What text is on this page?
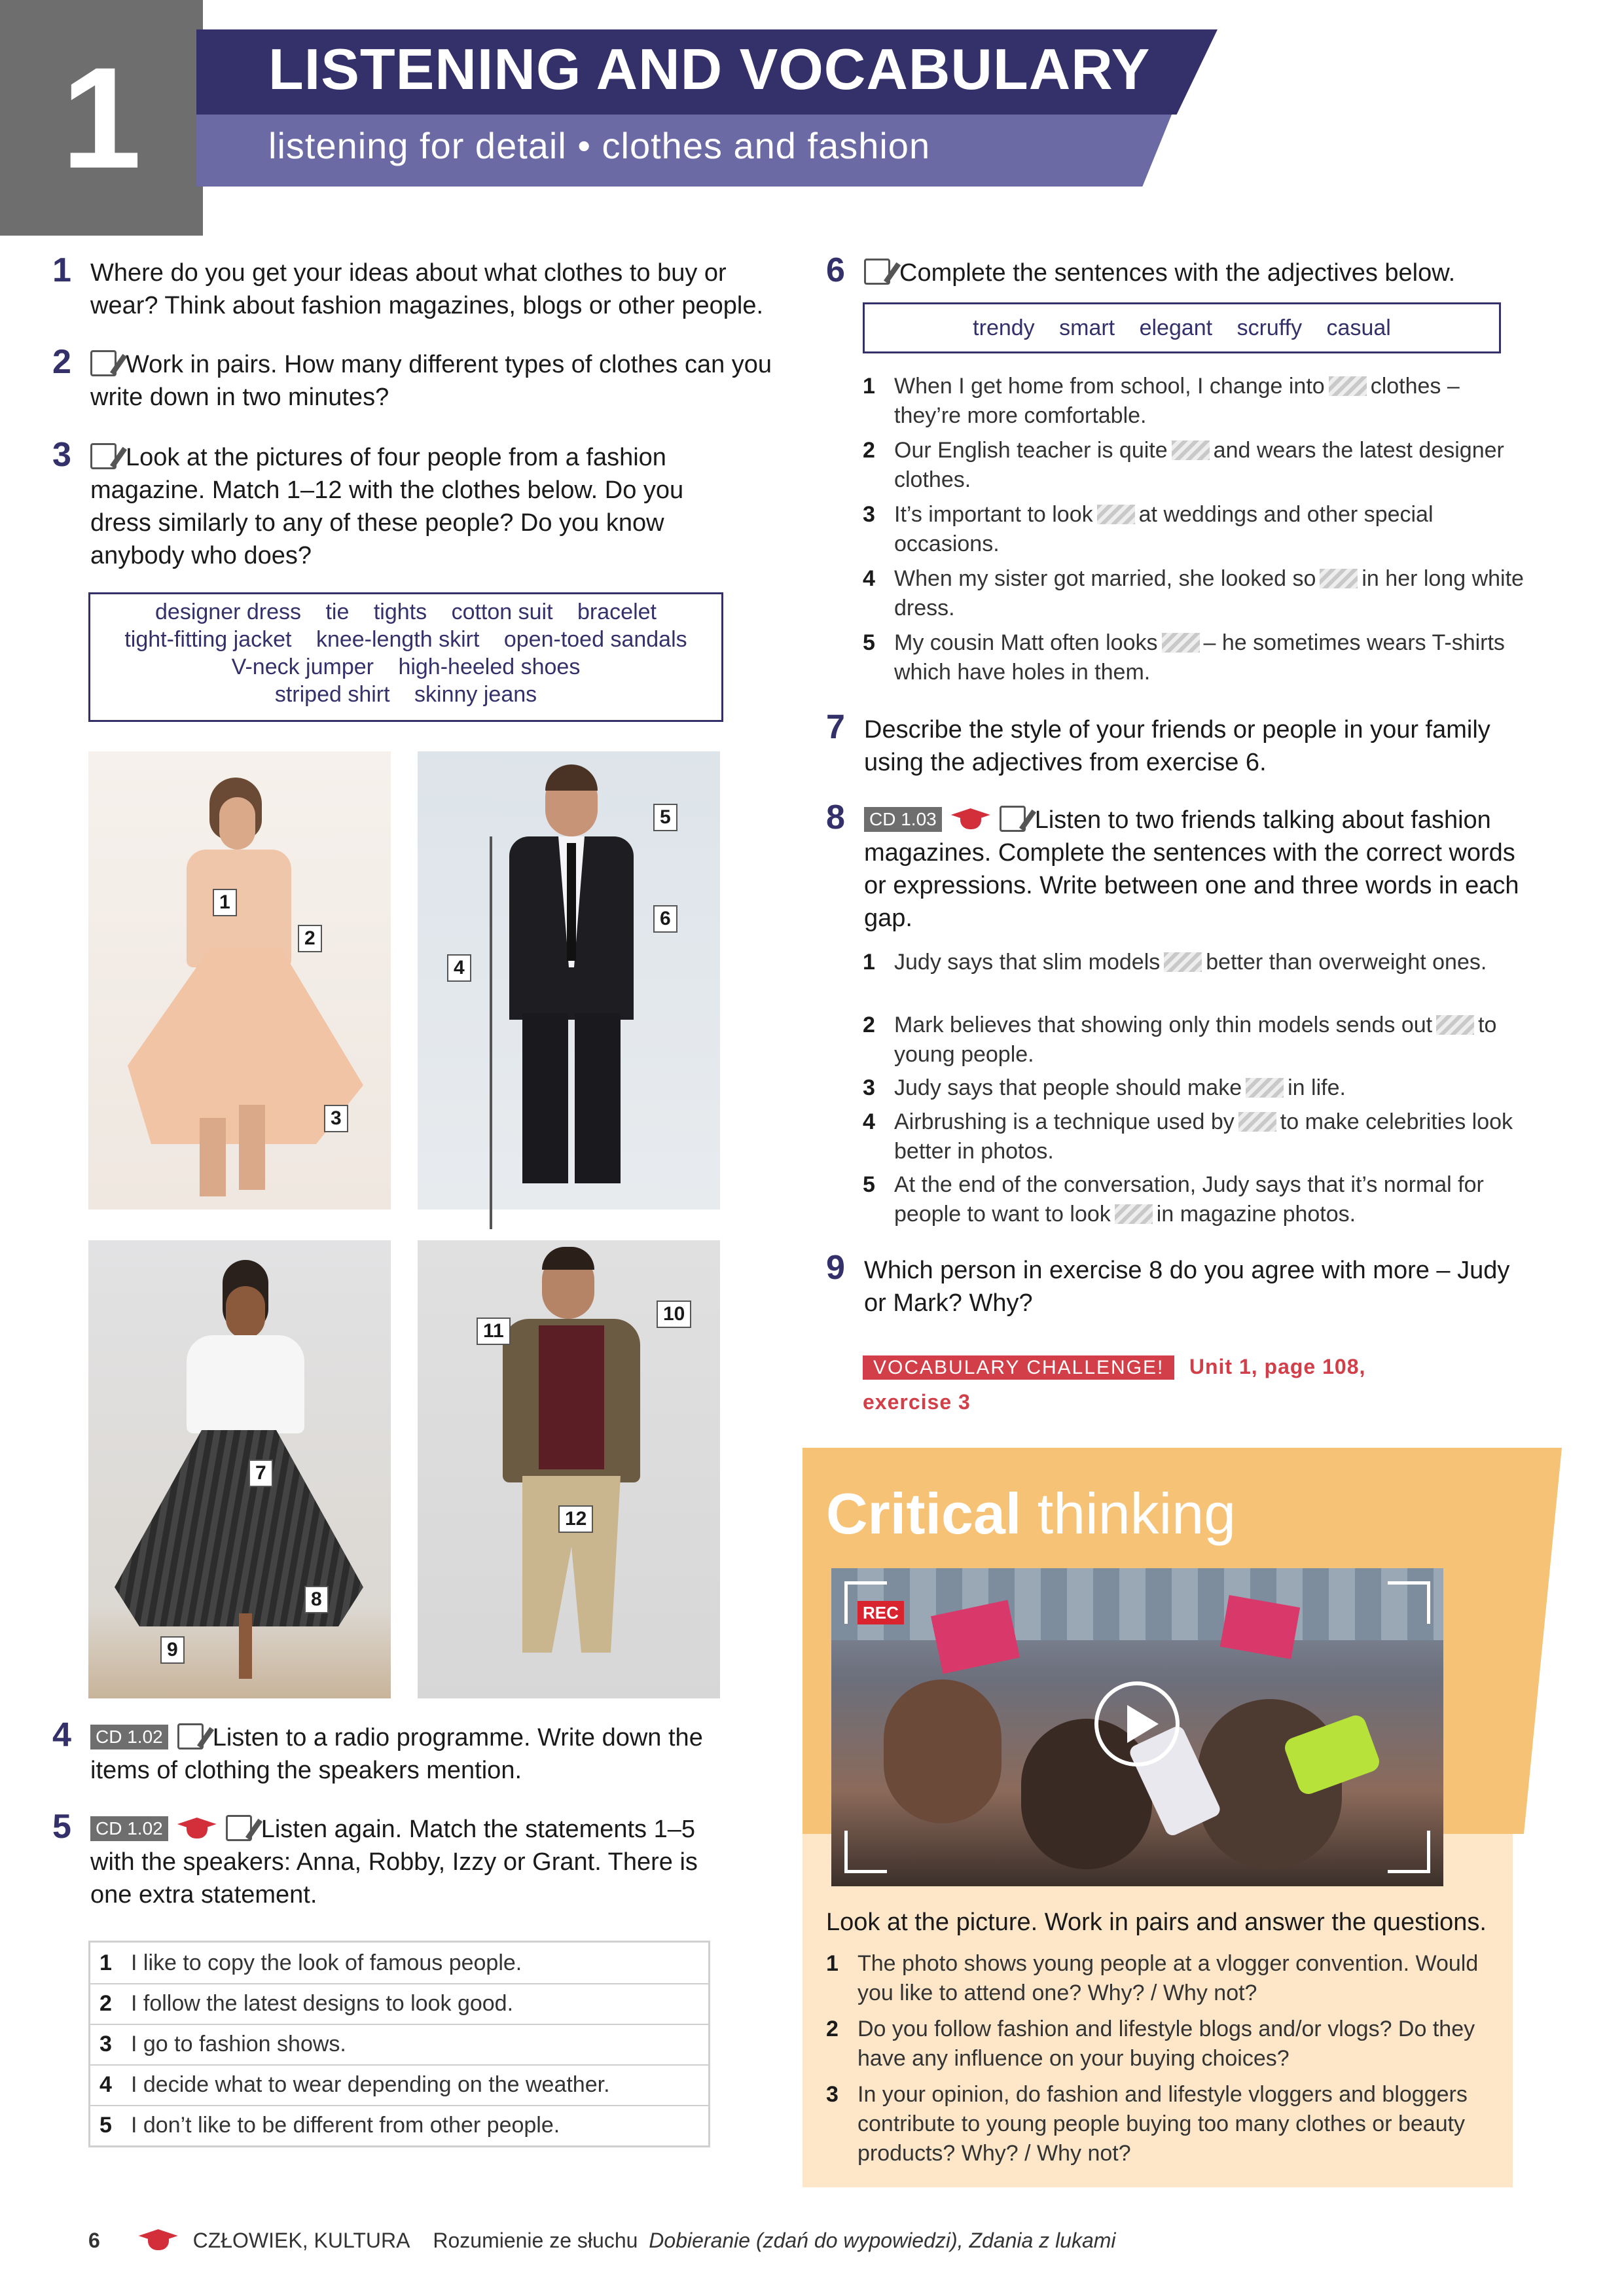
1	LISTENING AND VOCABULARY
listening for detail • clothes and fashion
1 Where do you get your ideas about what clothes to buy or wear? Think about fashion magazines, blogs or other people.
2	Work in pairs. How many different types of clothes can you write down in two minutes?
3	Look at the pictures of four people from a fashion magazine. Match 1–12 with the clothes below. Do you dress similarly to any of these people? Do you know anybody who does?
designer dress tie tights cotton suit bracelet
tight-fitting jacket knee-length skirt open-toed sandals
V-neck jumper high-heeled shoes
striped shirt skinny jeans
1
2
3
5
6
4
7
8
9
10
11
12
4 CD 1.02 Listen to a radio programme. Write down the items of clothing the speakers mention.
5 CD 1.02	Listen again. Match the statements 1–5 with the speakers: Anna, Robby, Izzy or Grant. There is one extra statement.
1 I like to copy the look of famous people.
2 I follow the latest designs to look good.
3 I go to fashion shows.
4 I decide what to wear depending on the weather.
5 I don’t like to be different from other people.
6	Complete the sentences with the adjectives below.
trendy smart elegant scruffy casual
1 When I get home from school, I change into clothes – they’re more comfortable.
2 Our English teacher is quite and wears the latest designer clothes.
3 It’s important to look at weddings and other special occasions.
4 When my sister got married, she looked so in her long white dress.
5 My cousin Matt often looks – he sometimes wears T-shirts which have holes in them.
7 Describe the style of your friends or people in your family using the adjectives from exercise 6.
8 CD 1.03	Listen to two friends talking about fashion magazines. Complete the sentences with the correct words or expressions. Write between one and three words in each gap.
1 Judy says that slim models better than overweight ones.
2 Mark believes that showing only thin models sends out to young people.
3 Judy says that people should make in life.
4 Airbrushing is a technique used by to make celebrities look better in photos.
5 At the end of the conversation, Judy says that it’s normal for people to want to look in magazine photos.
9 Which person in exercise 8 do you agree with more – Judy or Mark? Why?
VOCABULARY CHALLENGE! Unit 1, page 108,
exercise 3
Critical thinking
REC
Look at the picture. Work in pairs and answer the questions.
1 The photo shows young people at a vlogger convention. Would you like to attend one? Why? / Why not?
2 Do you follow fashion and lifestyle blogs and/or vlogs? Do they have any influence on your buying choices?
3 In your opinion, do fashion and lifestyle vloggers and bloggers contribute to young people buying too many clothes or beauty products? Why? / Why not?
6	CZŁOWIEK, KULTURA Rozumienie ze słuchu Dobieranie (zdań do wypowiedzi), Zdania z lukami
